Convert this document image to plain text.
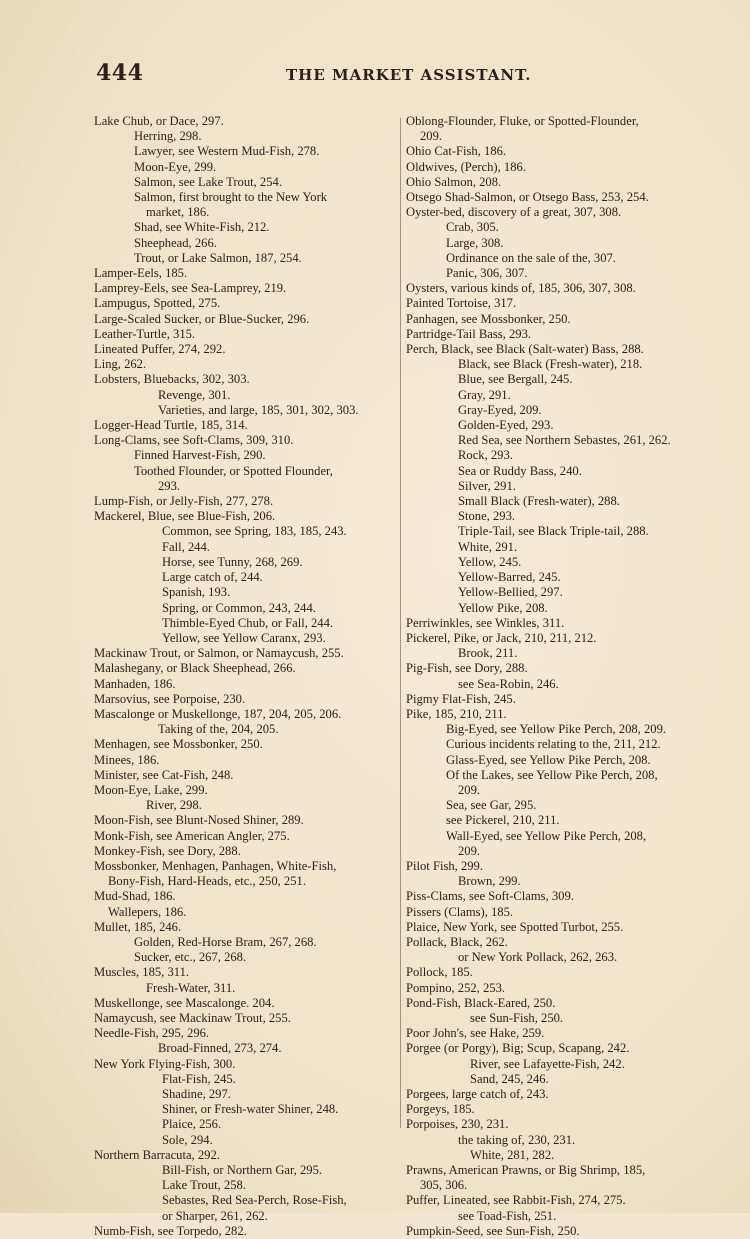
444	THE MARKET ASSISTANT.
Lake Chub, or Dace, 297.
Herring, 298.
Lawyer, see Western Mud-Fish, 278.
Moon-Eye, 299.
Salmon, see Lake Trout, 254.
Salmon, first brought to the New York
market, 186.
Shad, see White-Fish, 212.
Sheephead, 266.
Trout, or Lake Salmon, 187, 254.
Lamper-Eels, 185.
Lamprey-Eels, see Sea-Lamprey, 219.
Lampugus, Spotted, 275.
Large-Scaled Sucker, or Blue-Sucker, 296.
Leather-Turtle, 315.
Lineated Puffer, 274, 292.
Ling, 262.
Lobsters, Bluebacks, 302, 303.
Revenge, 301.
Varieties, and large, 185, 301, 302, 303.
Logger-Head Turtle, 185, 314.
Long-Clams, see Soft-Clams, 309, 310.
Finned Harvest-Fish, 290.
Toothed Flounder, or Spotted Flounder,
293.
Lump-Fish, or Jelly-Fish, 277, 278.
Mackerel, Blue, see Blue-Fish, 206.
Common, see Spring, 183, 185, 243.
Fall, 244.
Horse, see Tunny, 268, 269.
Large catch of, 244.
Spanish, 193.
Spring, or Common, 243, 244.
Thimble-Eyed Chub, or Fall, 244.
Yellow, see Yellow Caranx, 293.
Mackinaw Trout, or Salmon, or Namaycush, 255.
Malashegany, or Black Sheephead, 266.
Manhaden, 186.
Marsovius, see Porpoise, 230.
Mascalonge or Muskellonge, 187, 204, 205, 206.
Taking of the, 204, 205.
Menhagen, see Mossbonker, 250.
Minees, 186.
Minister, see Cat-Fish, 248.
Moon-Eye, Lake, 299.
River, 298.
Moon-Fish, see Blunt-Nosed Shiner, 289.
Monk-Fish, see American Angler, 275.
Monkey-Fish, see Dory, 288.
Mossbonker, Menhagen, Panhagen, White-Fish,
Bony-Fish, Hard-Heads, etc., 250, 251.
Mud-Shad, 186.
Wallepers, 186.
Mullet, 185, 246.
Golden, Red-Horse Bram, 267, 268.
Sucker, etc., 267, 268.
Muscles, 185, 311.
Fresh-Water, 311.
Muskellonge, see Mascalonge. 204.
Namaycush, see Mackinaw Trout, 255.
Needle-Fish, 295, 296.
Broad-Finned, 273, 274.
New York Flying-Fish, 300.
Flat-Fish, 245.
Shadine, 297.
Shiner, or Fresh-water Shiner, 248.
Plaice, 256.
Sole, 294.
Northern Barracuta, 292.
Bill-Fish, or Northern Gar, 295.
Lake Trout, 258.
Sebastes, Red Sea-Perch, Rose-Fish,
or Sharper, 261, 262.
Numb-Fish, see Torpedo, 282.
Oblong-Flounder, Fluke, or Spotted-Flounder,
209.
Ohio Cat-Fish, 186.
Oldwives, (Perch), 186.
Ohio Salmon, 208.
Otsego Shad-Salmon, or Otsego Bass, 253, 254.
Oyster-bed, discovery of a great, 307, 308.
Crab, 305.
Large, 308.
Ordinance on the sale of the, 307.
Panic, 306, 307.
Oysters, various kinds of, 185, 306, 307, 308.
Painted Tortoise, 317.
Panhagen, see Mossbonker, 250.
Partridge-Tail Bass, 293.
Perch, Black, see Black (Salt-water) Bass, 288.
Black, see Black (Fresh-water), 218.
Blue, see Bergall, 245.
Gray, 291.
Gray-Eyed, 209.
Golden-Eyed, 293.
Red Sea, see Northern Sebastes, 261, 262.
Rock, 293.
Sea or Ruddy Bass, 240.
Silver, 291.
Small Black (Fresh-water), 288.
Stone, 293.
Triple-Tail, see Black Triple-tail, 288.
White, 291.
Yellow, 245.
Yellow-Barred, 245.
Yellow-Bellied, 297.
Yellow Pike, 208.
Perriwinkles, see Winkles, 311.
Pickerel, Pike, or Jack, 210, 211, 212.
Brook, 211.
Pig-Fish, see Dory, 288.
see Sea-Robin, 246.
Pigmy Flat-Fish, 245.
Pike, 185, 210, 211.
Big-Eyed, see Yellow Pike Perch, 208, 209.
Curious incidents relating to the, 211, 212.
Glass-Eyed, see Yellow Pike Perch, 208.
Of the Lakes, see Yellow Pike Perch, 208,
209.
Sea, see Gar, 295.
see Pickerel, 210, 211.
Wall-Eyed, see Yellow Pike Perch, 208,
209.
Pilot Fish, 299.
Brown, 299.
Piss-Clams, see Soft-Clams, 309.
Pissers (Clams), 185.
Plaice, New York, see Spotted Turbot, 255.
Pollack, Black, 262.
or New York Pollack, 262, 263.
Pollock, 185.
Pompino, 252, 253.
Pond-Fish, Black-Eared, 250.
see Sun-Fish, 250.
Poor John's, see Hake, 259.
Porgee (or Porgy), Big; Scup, Scapang, 242.
River, see Lafayette-Fish, 242.
Sand, 245, 246.
Porgees, large catch of, 243.
Porgeys, 185.
Porpoises, 230, 231.
the taking of, 230, 231.
White, 281, 282.
Prawns, American Prawns, or Big Shrimp, 185,
305, 306.
Puffer, Lineated, see Rabbit-Fish, 274, 275.
see Toad-Fish, 251.
Pumpkin-Seed, see Sun-Fish, 250.
